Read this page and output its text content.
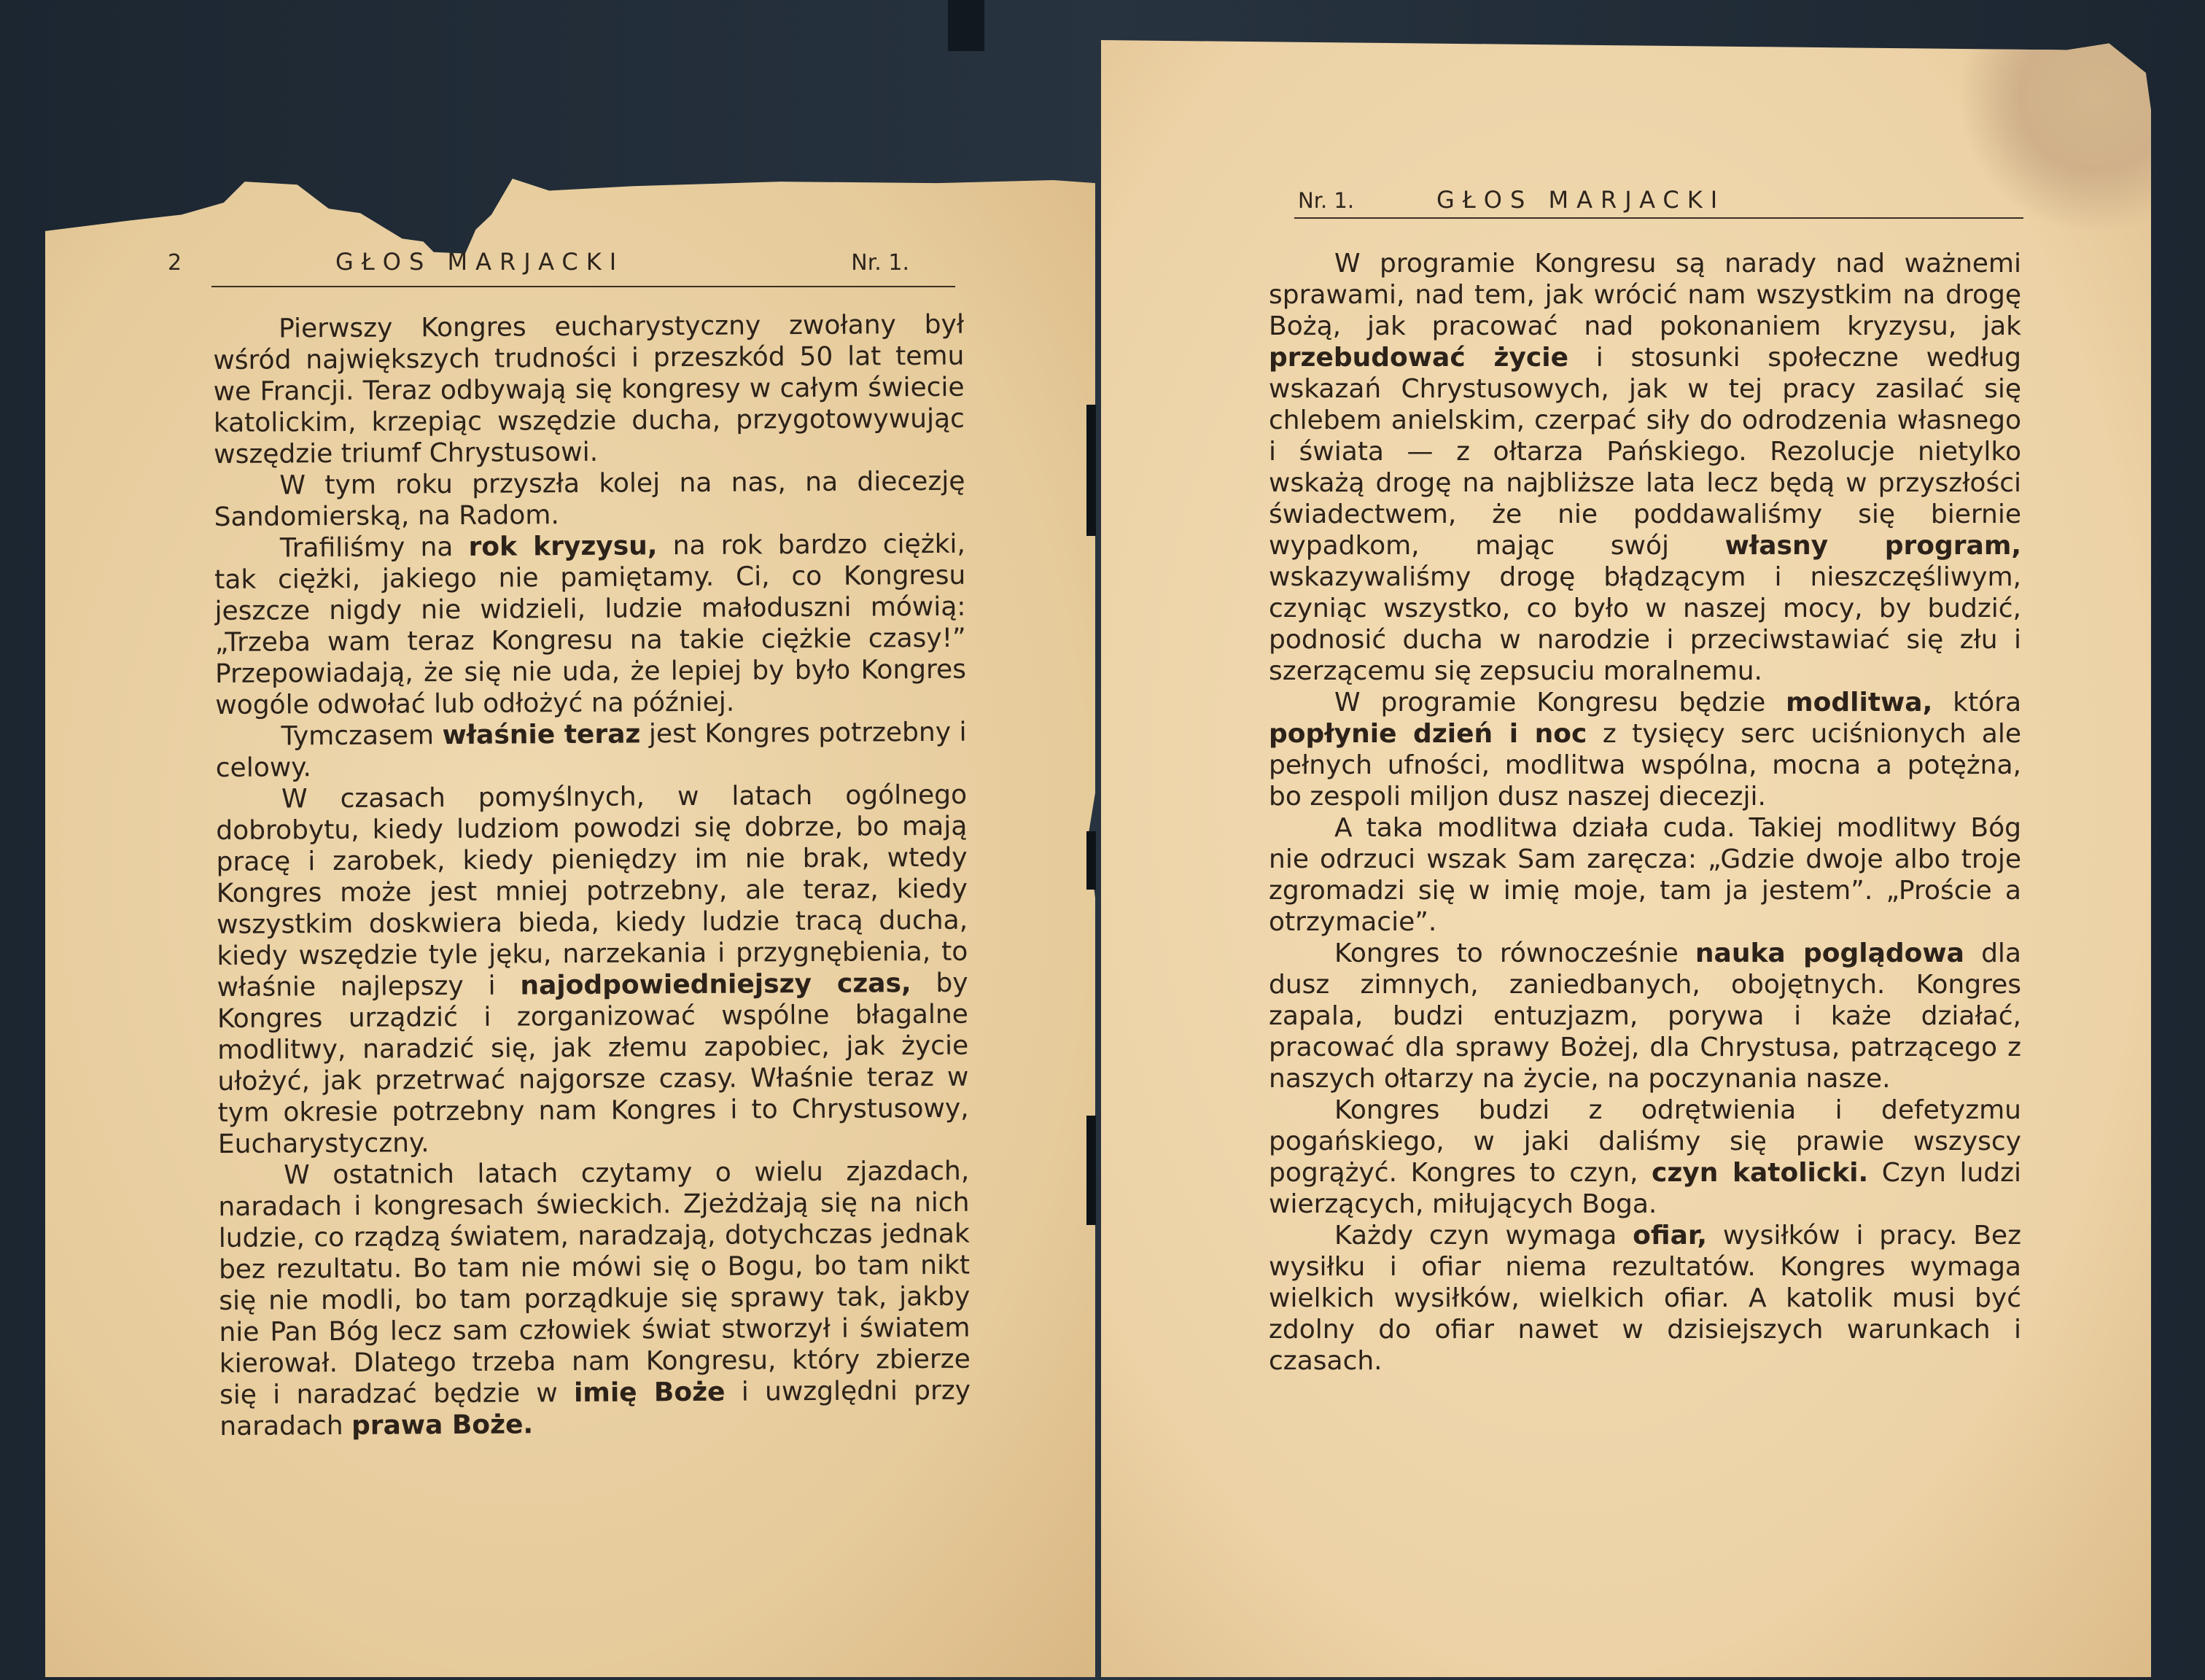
2	GŁOS MARJACKI	Nr. 1.

Pierwszy Kongres eucharystyczny zwołany był wśród największych trudności i przeszkód 50 lat temu we Francji. Teraz odbywają się kongresy w całym świecie katolickim, krzepiąc wszędzie ducha, przygotowywując wszędzie triumf Chrystusowi.

W tym roku przyszła kolej na nas, na diecezję Sandomierską, na Radom.

Trafiliśmy na rok kryzysu, na rok bardzo ciężki, tak ciężki, jakiego nie pamiętamy. Ci, co Kongresu jeszcze nigdy nie widzieli, ludzie małoduszni mówią: „Trzeba wam teraz Kongresu na takie ciężkie czasy!” Przepowiadają, że się nie uda, że lepiej by było Kongres wogóle odwołać lub odłożyć na później.

Tymczasem właśnie teraz jest Kongres potrzebny i celowy.

W czasach pomyślnych, w latach ogólnego dobrobytu, kiedy ludziom powodzi się dobrze, bo mają pracę i zarobek, kiedy pieniędzy im nie brak, wtedy Kongres może jest mniej potrzebny, ale teraz, kiedy wszystkim doskwiera bieda, kiedy ludzie tracą ducha, kiedy wszędzie tyle jęku, narzekania i przygnębienia, to właśnie najlepszy i najodpowiedniejszy czas, by Kongres urządzić i zorganizować wspólne błagalne modlitwy, naradzić się, jak złemu zapobiec, jak życie ułożyć, jak przetrwać najgorsze czasy. Właśnie teraz w tym okresie potrzebny nam Kongres i to Chrystusowy, Eucharystyczny.

W ostatnich latach czytamy o wielu zjazdach, naradach i kongresach świeckich. Zjeżdżają się na nich ludzie, co rządzą światem, naradzają, dotychczas jednak bez rezultatu. Bo tam nie mówi się o Bogu, bo tam nikt się nie modli, bo tam porządkuje się sprawy tak, jakby nie Pan Bóg lecz sam człowiek świat stworzył i światem kierował. Dlatego trzeba nam Kongresu, który zbierze się i naradzać będzie w imię Boże i uwzględni przy naradach prawa Boże.

Nr. 1.	GŁOS MARJACKI

W programie Kongresu są narady nad ważnemi sprawami, nad tem, jak wrócić nam wszystkim na drogę Bożą, jak pracować nad pokonaniem kryzysu, jak przebudować życie i stosunki społeczne według wskazań Chrystusowych, jak w tej pracy zasilać się chlebem anielskim, czerpać siły do odrodzenia własnego i świata — z ołtarza Pańskiego. Rezolucje nietylko wskażą drogę na najbliższe lata lecz będą w przyszłości świadectwem, że nie poddawaliśmy się biernie wypadkom, mając swój własny program, wskazywaliśmy drogę błądzącym i nieszczęśliwym, czyniąc wszystko, co było w naszej mocy, by budzić, podnosić ducha w narodzie i przeciwstawiać się złu i szerzącemu się zepsuciu moralnemu.

W programie Kongresu będzie modlitwa, która popłynie dzień i noc z tysięcy serc uciśnionych ale pełnych ufności, modlitwa wspólna, mocna a potężna, bo zespoli miljon dusz naszej diecezji.

A taka modlitwa działa cuda. Takiej modlitwy Bóg nie odrzuci wszak Sam zaręcza: „Gdzie dwoje albo troje zgromadzi się w imię moje, tam ja jestem”. „Proście a otrzymacie”.

Kongres to równocześnie nauka poglądowa dla dusz zimnych, zaniedbanych, obojętnych. Kongres zapala, budzi entuzjazm, porywa i każe działać, pracować dla sprawy Bożej, dla Chrystusa, patrzącego z naszych ołtarzy na życie, na poczynania nasze.

Kongres budzi z odrętwienia i defetyzmu pogańskiego, w jaki daliśmy się prawie wszyscy pogrążyć. Kongres to czyn, czyn katolicki. Czyn ludzi wierzących, miłujących Boga.

Każdy czyn wymaga ofiar, wysiłków i pracy. Bez wysiłku i ofiar niema rezultatów. Kongres wymaga wielkich wysiłków, wielkich ofiar. A katolik musi być zdolny do ofiar nawet w dzisiejszych warunkach i czasach.
